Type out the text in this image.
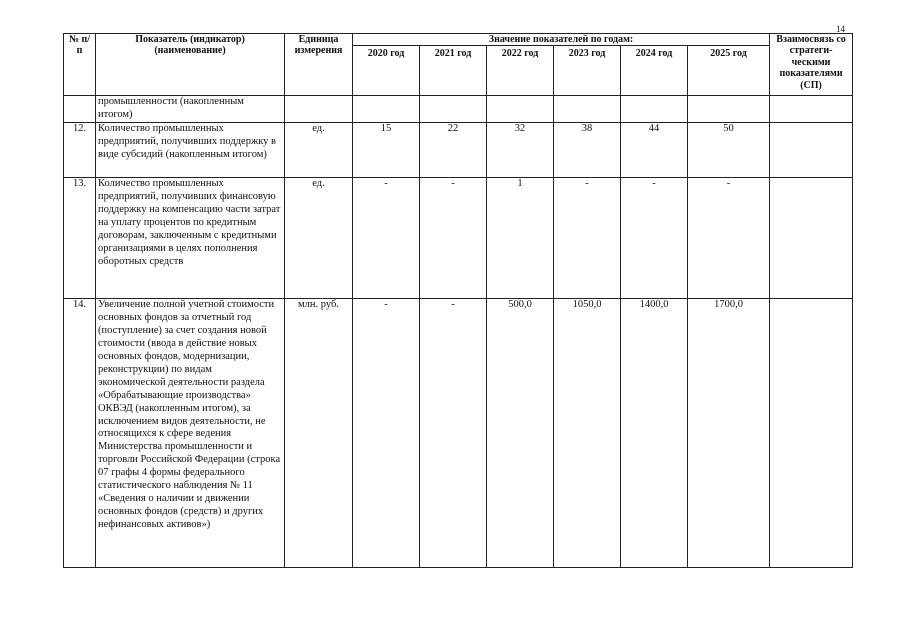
14
№ п/п	Показатель (индикатор) (наименование)	Единица измерения	Значение показателей по годам:						Взаимосвязь со стратеги-ческими показателями (СП)
			2020 год	2021 год	2022 год	2023 год	2024 год	2025 год	
	промышленности (накопленным итогом)								
12.	Количество промышленных предприятий, получивших поддержку в виде субсидий (накопленным итогом)	ед.	15	22	32	38	44	50	
13.	Количество промышленных предприятий, получивших финансовую поддержку на компенсацию части затрат на уплату процентов по кредитным договорам, заключенным с кредитными организациями в целях пополнения оборотных средств	ед.	-	-	1	-	-	-	
14.	Увеличение полной учетной стоимости основных фондов за отчетный год (поступление) за счет создания новой стоимости (ввода в действие новых основных фондов, модернизации, реконструкции) по видам экономической деятельности раздела «Обрабатывающие производства» ОКВЭД (накопленным итогом), за исключением видов деятельности, не относящихся к сфере ведения Министерства промышленности и торговли Российской Федерации (строка 07 графы 4 формы федерального статистического наблюдения № 11 «Сведения о наличии и движении основных фондов (средств) и других нефинансовых активов»)	млн. руб.	-	-	500,0	1050,0	1400,0	1700,0	
